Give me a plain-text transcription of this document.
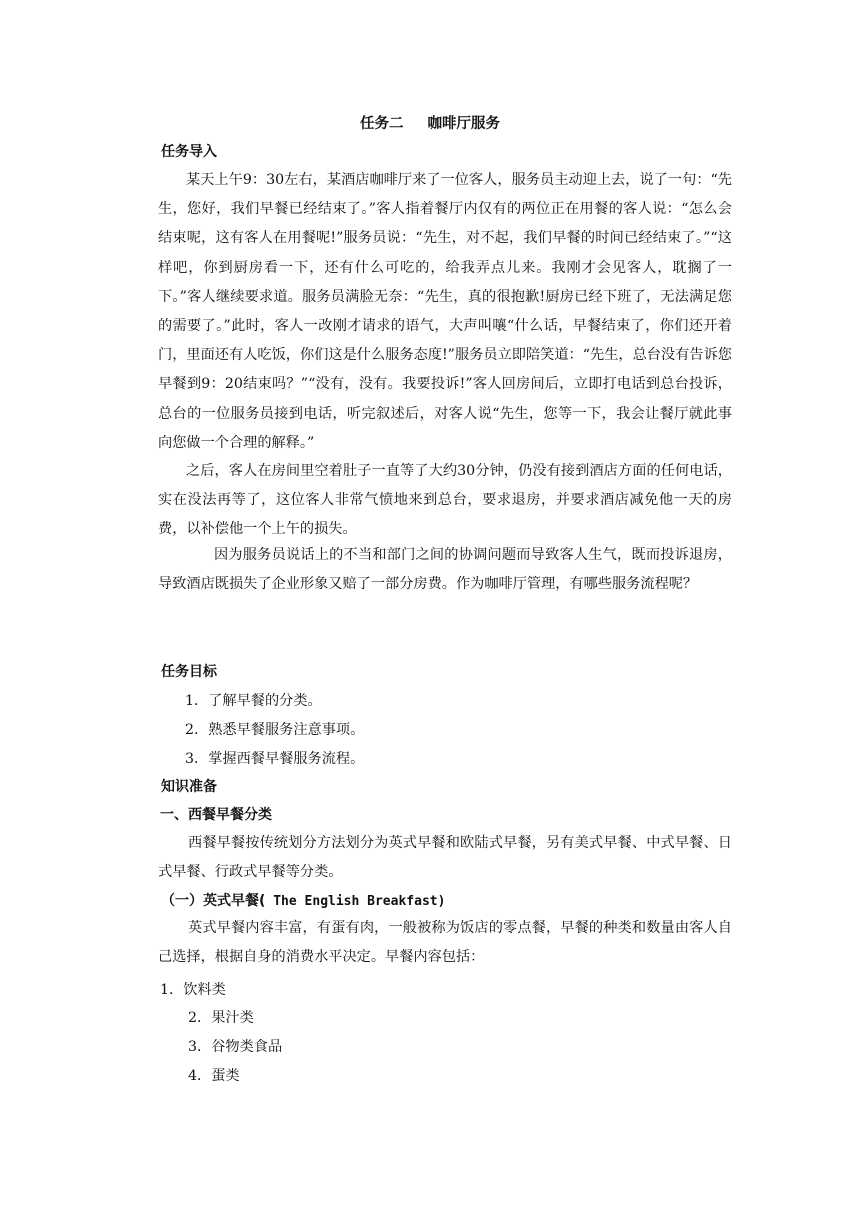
任务二 咖啡厅服务
任务导入

某天上午9：30左右，某酒店咖啡厅来了一位客人，服务员主动迎上去，说了一句：“先生，您好，我们早餐已经结束了。”客人指着餐厅内仅有的两位正在用餐的客人说：“怎么会结束呢，这有客人在用餐呢!”服务员说：“先生，对不起，我们早餐的时间已经结束了。”“这样吧，你到厨房看一下，还有什么可吃的，给我弄点儿来。我刚才会见客人，耽搁了一下。”客人继续要求道。服务员满脸无奈：“先生，真的很抱歉!厨房已经下班了，无法满足您的需要了。”此时，客人一改刚才请求的语气，大声叫嚷“什么话，早餐结束了，你们还开着门，里面还有人吃饭，你们这是什么服务态度!”服务员立即陪笑道：“先生，总台没有告诉您早餐到9：20结束吗？”“没有，没有。我要投诉!”客人回房间后，立即打电话到总台投诉，总台的一位服务员接到电话，听完叙述后，对客人说“先生，您等一下，我会让餐厅就此事向您做一个合理的解释。”

之后，客人在房间里空着肚子一直等了大约30分钟，仍没有接到酒店方面的任何电话，实在没法再等了，这位客人非常气愤地来到总台，要求退房，并要求酒店减免他一天的房费，以补偿他一个上午的损失。

因为服务员说话上的不当和部门之间的协调问题而导致客人生气，既而投诉退房，导致酒店既损失了企业形象又赔了一部分房费。作为咖啡厅管理，有哪些服务流程呢？

任务目标
1．了解早餐的分类。
2．熟悉早餐服务注意事项。
3．掌握西餐早餐服务流程。
知识准备
一、西餐早餐分类

西餐早餐按传统划分方法划分为英式早餐和欧陆式早餐，另有美式早餐、中式早餐、日式早餐、行政式早餐等分类。

（一）英式早餐( The English Breakfast)

英式早餐内容丰富，有蛋有肉，一般被称为饭店的零点餐，早餐的种类和数量由客人自己选择，根据自身的消费水平决定。早餐内容包括：

1．饮料类
2．果汁类
3．谷物类食品
4．蛋类
